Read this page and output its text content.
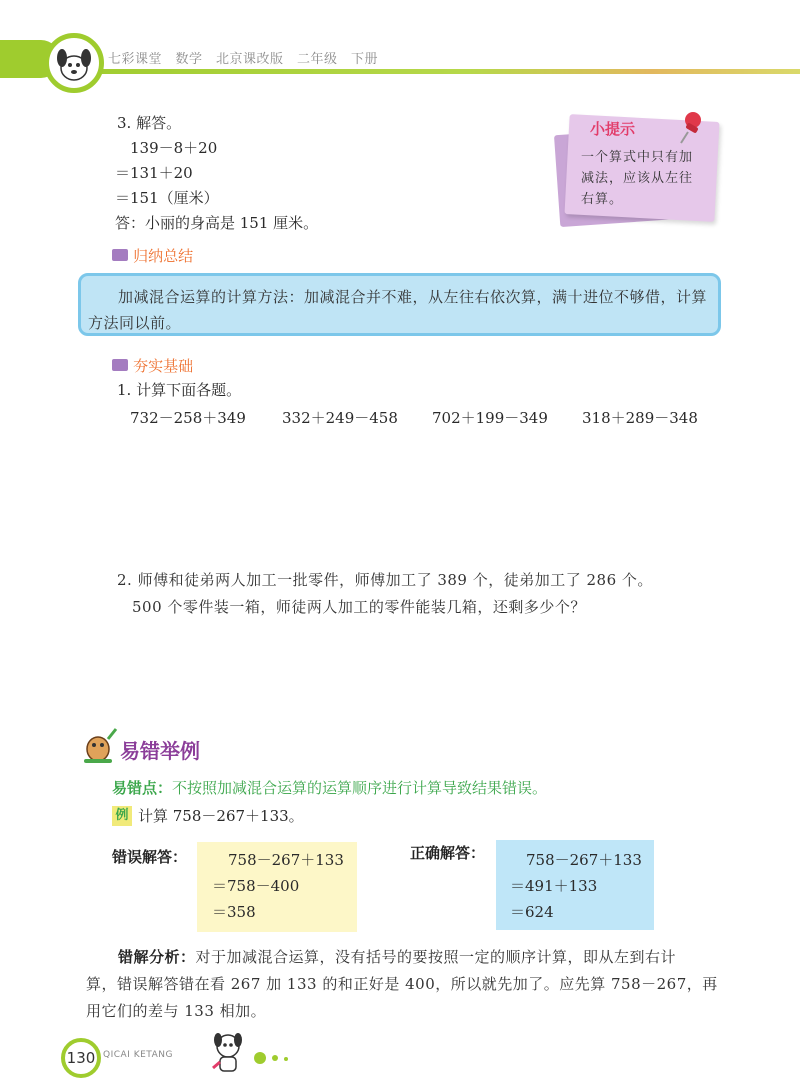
七彩课堂　数学　北京课改版　二年级　下册
3. 解答。
139－8＋20
＝131＋20
＝151（厘米）
答：小丽的身高是 151 厘米。
小提示
一个算式中只有加减法，应该从左往右算。
归纳总结
加减混合运算的计算方法：加减混合并不难，从左往右依次算，满十进位不够借，计算方法同以前。
夯实基础
1. 计算下面各题。
732－258＋349 332＋249－458 702＋199－349 318＋289－348
2. 师傅和徒弟两人加工一批零件，师傅加工了 389 个，徒弟加工了 286 个。
500 个零件装一箱，师徒两人加工的零件能装几箱，还剩多少个？
易错举例
易错点：不按照加减混合运算的运算顺序进行计算导致结果错误。
例 计算 758－267＋133。
错误解答：	758－267＋133
＝758－400
＝358
正确解答：	758－267＋133
＝491＋133
＝624
错解分析：对于加减混合运算，没有括号的要按照一定的顺序计算，即从左到右计
算，错误解答错在看 267 加 133 的和正好是 400，所以就先加了。应先算 758－267，再
用它们的差与 133 相加。
130 QICAI KETANG
